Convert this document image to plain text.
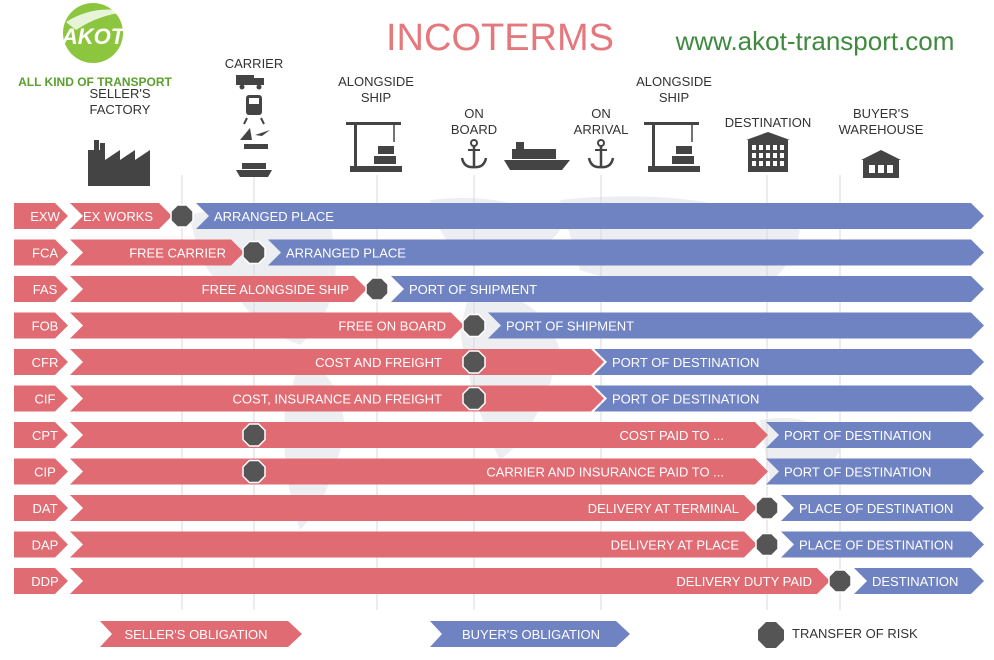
AKOT
ALL KIND OF TRANSPORT
INCOTERMS www.akot-transport.com
SELLER'S
FACTORY
CARRIER
ALONGSIDE
SHIP
ON
BOARD
ON
ARRIVAL
ALONGSIDE
SHIP
DESTINATION
BUYER'S
WAREHOUSE
EXW EX WORKS	ARRANGED PLACE
FCA	FREE CARRIER	ARRANGED PLACE
FAS	FREE ALONGSIDE SHIP	PORT OF SHIPMENT
FOB	FREE ON BOARD	PORT OF SHIPMENT
CFR	COST AND FREIGHT	PORT OF DESTINATION
CIF	COST, INSURANCE AND FREIGHT	PORT OF DESTINATION
CPT	COST PAID TO ...	PORT OF DESTINATION
CIP	CARRIER AND INSURANCE PAID TO ...	PORT OF DESTINATION
DAT	DELIVERY AT TERMINAL	PLACE OF DESTINATION
DAP	DELIVERY AT PLACE	PLACE OF DESTINATION
DDP	DELIVERY DUTY PAID	DESTINATION
SELLER'S OBLIGATION	BUYER'S OBLIGATION	TRANSFER OF RISK
